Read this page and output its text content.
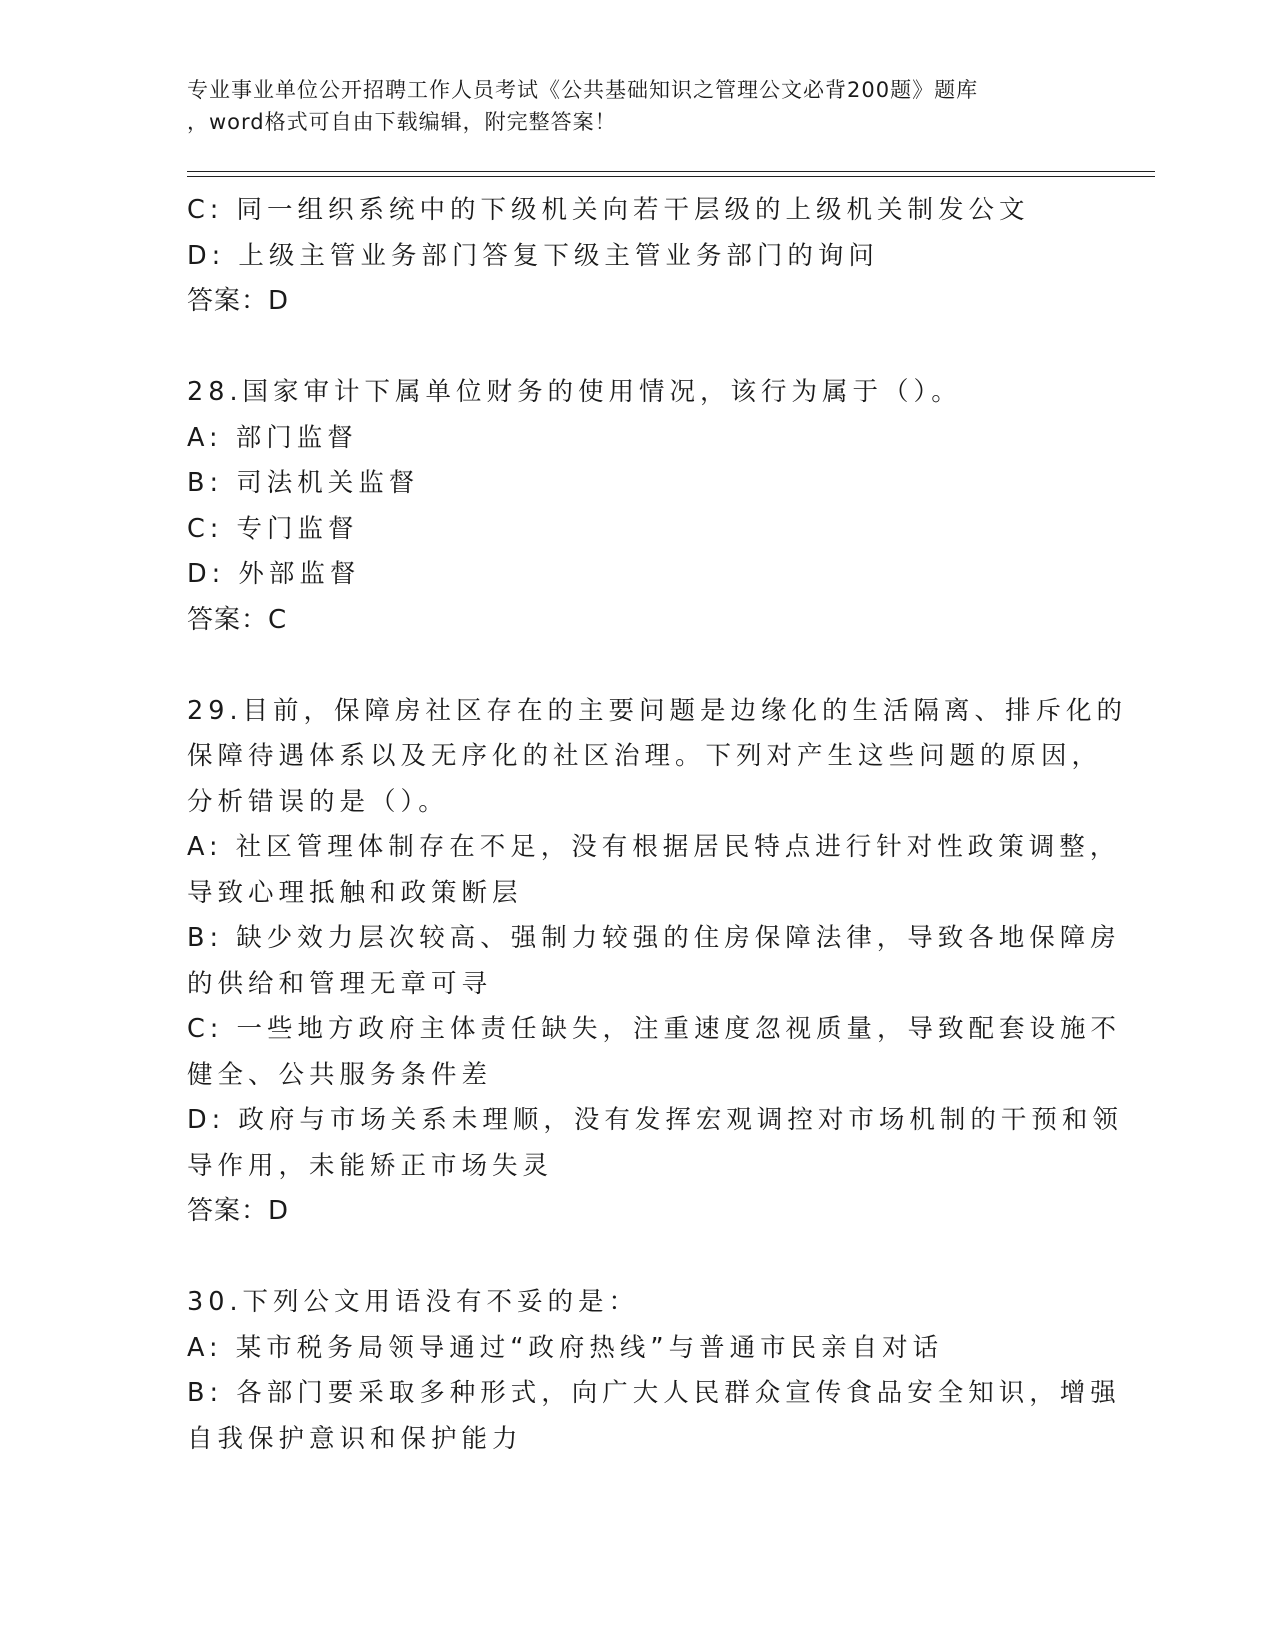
专业事业单位公开招聘工作人员考试《公共基础知识之管理公文必背200题》题库
，word格式可自由下载编辑，附完整答案！

C: 同一组织系统中的下级机关向若干层级的上级机关制发公文

D: 上级主管业务部门答复下级主管业务部门的询问

答案：D

28.国家审计下属单位财务的使用情况，该行为属于（）。

A: 部门监督

B: 司法机关监督

C: 专门监督

D: 外部监督

答案：C

29.目前，保障房社区存在的主要问题是边缘化的生活隔离、排斥化的

保障待遇体系以及无序化的社区治理。下列对产生这些问题的原因，

分析错误的是（）。

A: 社区管理体制存在不足，没有根据居民特点进行针对性政策调整，

导致心理抵触和政策断层

B: 缺少效力层次较高、强制力较强的住房保障法律，导致各地保障房

的供给和管理无章可寻

C: 一些地方政府主体责任缺失，注重速度忽视质量，导致配套设施不

健全、公共服务条件差

D: 政府与市场关系未理顺，没有发挥宏观调控对市场机制的干预和领

导作用，未能矫正市场失灵

答案：D

30.下列公文用语没有不妥的是：

A: 某市税务局领导通过“政府热线”与普通市民亲自对话

B: 各部门要采取多种形式，向广大人民群众宣传食品安全知识，增强

自我保护意识和保护能力
